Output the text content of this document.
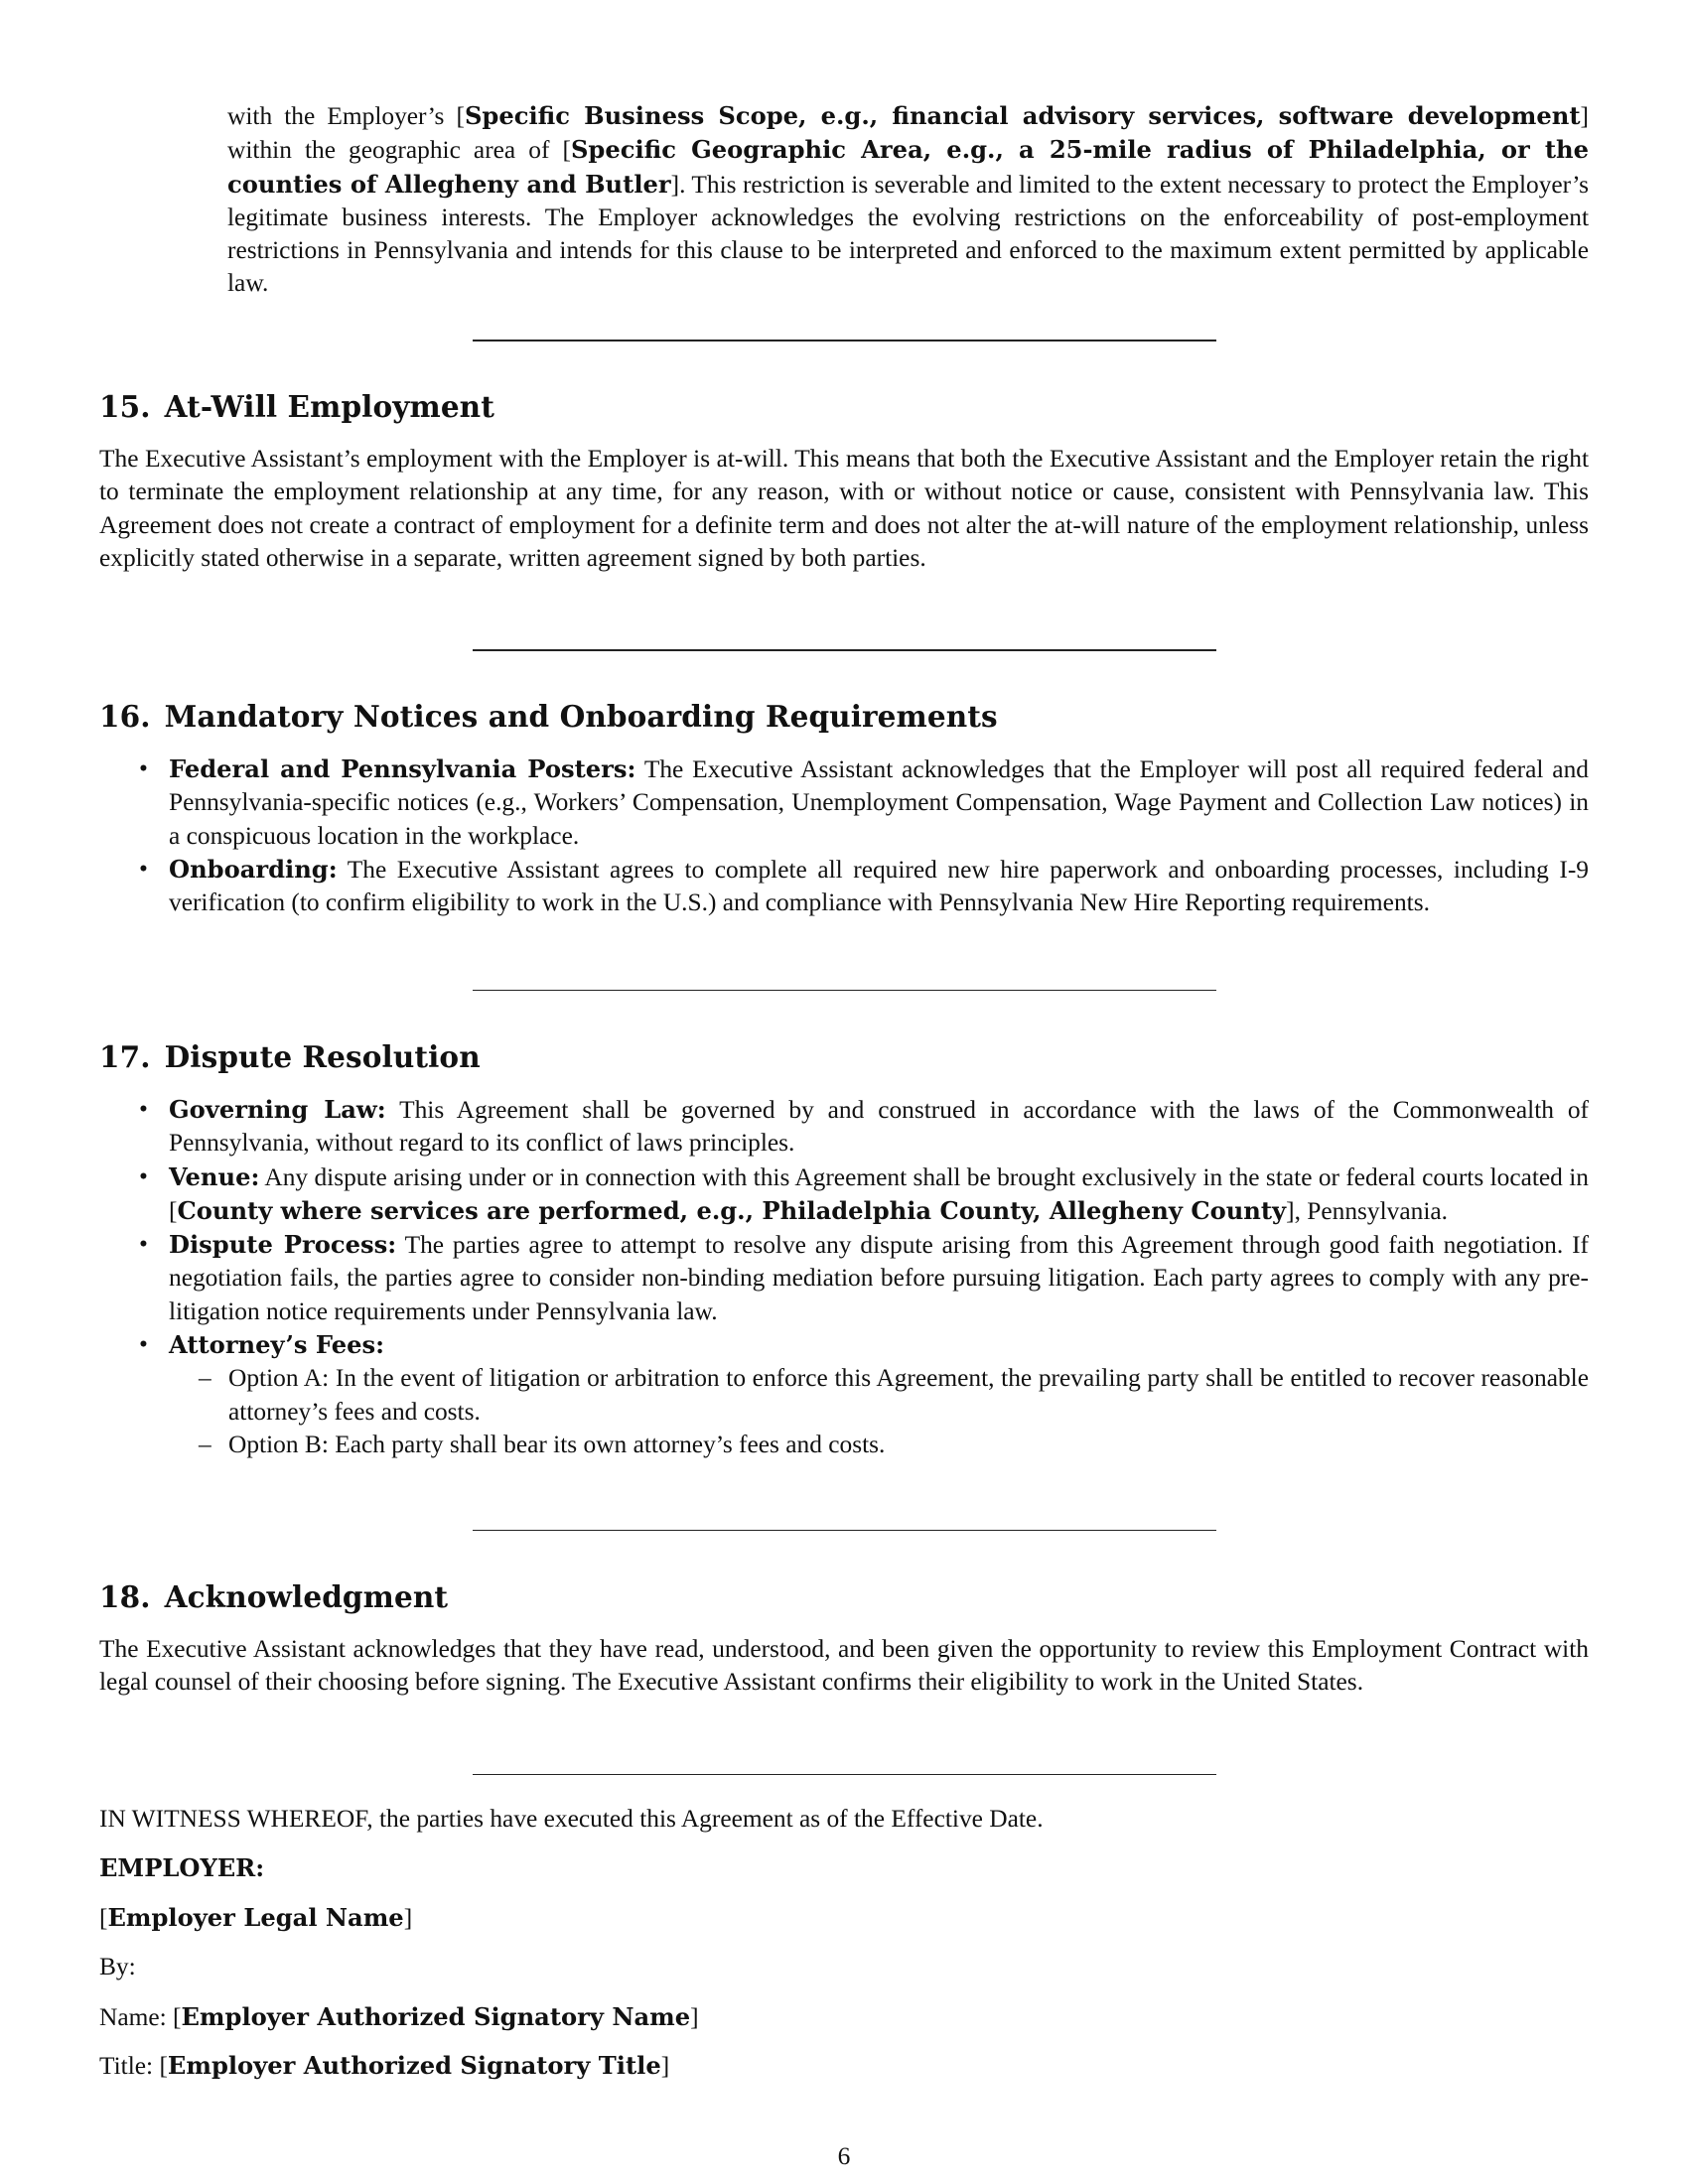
with the Employer’s [Specific Business Scope, e.g., financial advisory services, software development] within the geographic area of [Specific Geographic Area, e.g., a 25-mile radius of Philadelphia, or the counties of Allegheny and Butler]. This restriction is severable and limited to the extent necessary to protect the Employer’s legitimate business interests. The Employer acknowledges the evolving restrictions on the enforceability of post-employment restrictions in Pennsylvania and intends for this clause to be interpreted and enforced to the maximum extent permitted by applicable law.

15. At-Will Employment

The Executive Assistant’s employment with the Employer is at-will. This means that both the Executive Assistant and the Employer retain the right to terminate the employment relationship at any time, for any reason, with or without notice or cause, consistent with Pennsylvania law. This Agreement does not create a contract of employment for a definite term and does not alter the at-will nature of the employment relationship, unless explicitly stated otherwise in a separate, written agreement signed by both parties.

16. Mandatory Notices and Onboarding Requirements
• Federal and Pennsylvania Posters: The Executive Assistant acknowledges that the Employer will post all required federal and Pennsylvania-specific notices (e.g., Workers’ Compensation, Unemployment Compensation, Wage Payment and Collection Law notices) in a conspicuous location in the workplace.
• Onboarding: The Executive Assistant agrees to complete all required new hire paperwork and onboarding processes, including I-9 verification (to confirm eligibility to work in the U.S.) and compliance with Pennsylvania New Hire Reporting requirements.
17. Dispute Resolution
• Governing Law: This Agreement shall be governed by and construed in accordance with the laws of the Commonwealth of Pennsylvania, without regard to its conflict of laws principles.
• Venue: Any dispute arising under or in connection with this Agreement shall be brought exclusively in the state or federal courts located in [County where services are performed, e.g., Philadelphia County, Allegheny County], Pennsylvania.
• Dispute Process: The parties agree to attempt to resolve any dispute arising from this Agreement through good faith negotiation. If negotiation fails, the parties agree to consider non-binding mediation before pursuing litigation. Each party agrees to comply with any pre-litigation notice requirements under Pennsylvania law.
• Attorney’s Fees:
– Option A: In the event of litigation or arbitration to enforce this Agreement, the prevailing party shall be entitled to recover reasonable attorney’s fees and costs.
– Option B: Each party shall bear its own attorney’s fees and costs.
18. Acknowledgment

The Executive Assistant acknowledges that they have read, understood, and been given the opportunity to review this Employment Contract with legal counsel of their choosing before signing. The Executive Assistant confirms their eligibility to work in the United States.

IN WITNESS WHEREOF, the parties have executed this Agreement as of the Effective Date.
EMPLOYER:
[Employer Legal Name]
By:
Name: [Employer Authorized Signatory Name]
Title: [Employer Authorized Signatory Title]
6
